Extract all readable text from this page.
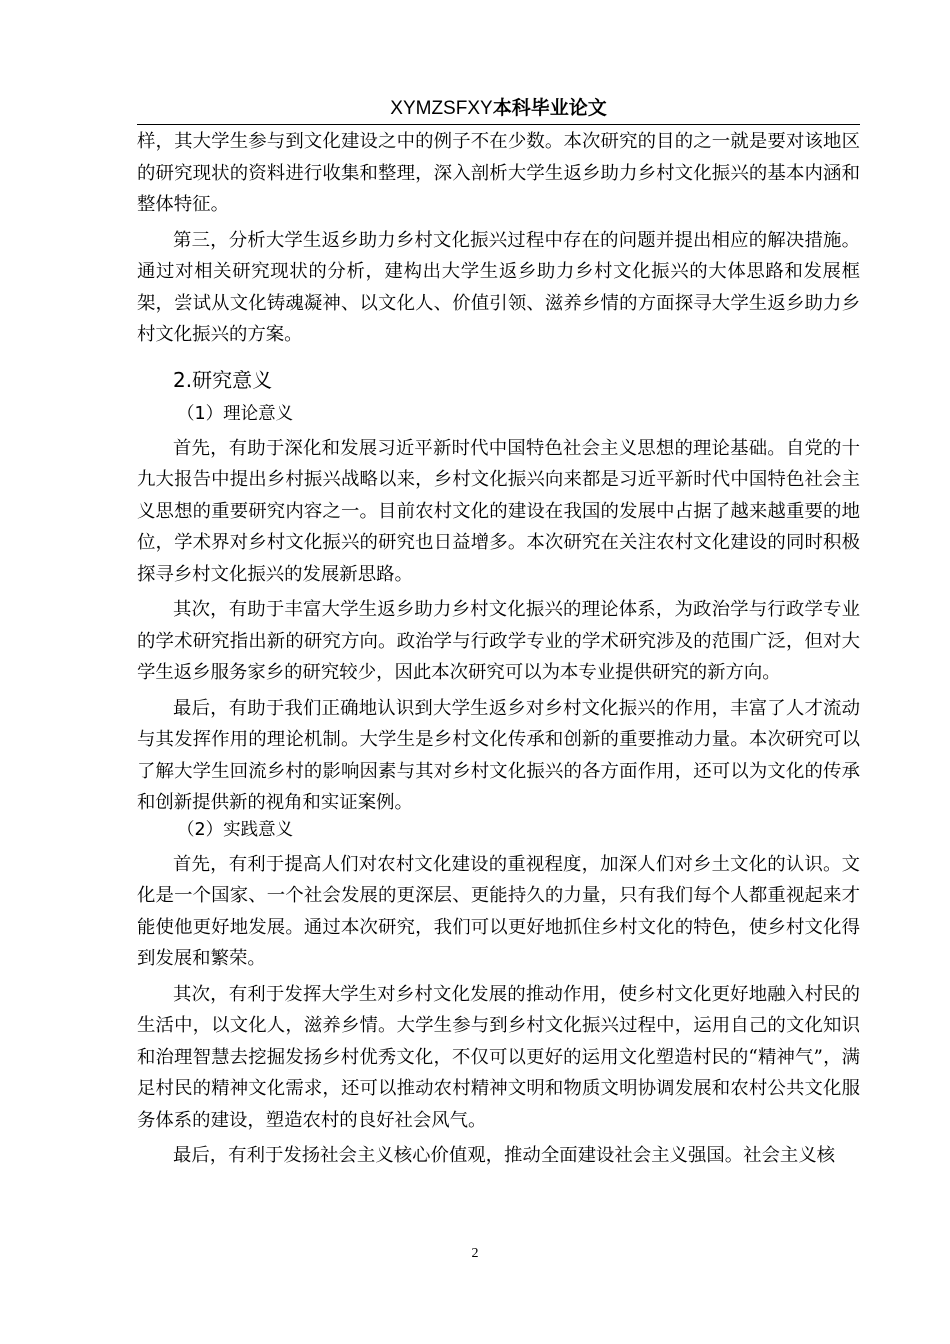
XYMZSFXY本科毕业论文

样，其大学生参与到文化建设之中的例子不在少数。本次研究的目的之一就是要对该地区的研究现状的资料进行收集和整理，深入剖析大学生返乡助力乡村文化振兴的基本内涵和整体特征。

第三，分析大学生返乡助力乡村文化振兴过程中存在的问题并提出相应的解决措施。通过对相关研究现状的分析，建构出大学生返乡助力乡村文化振兴的大体思路和发展框架，尝试从文化铸魂凝神、以文化人、价值引领、滋养乡情的方面探寻大学生返乡助力乡村文化振兴的方案。

2.研究意义
（1）理论意义

首先，有助于深化和发展习近平新时代中国特色社会主义思想的理论基础。自党的十九大报告中提出乡村振兴战略以来，乡村文化振兴向来都是习近平新时代中国特色社会主义思想的重要研究内容之一。目前农村文化的建设在我国的发展中占据了越来越重要的地位，学术界对乡村文化振兴的研究也日益增多。本次研究在关注农村文化建设的同时积极探寻乡村文化振兴的发展新思路。

其次，有助于丰富大学生返乡助力乡村文化振兴的理论体系，为政治学与行政学专业的学术研究指出新的研究方向。政治学与行政学专业的学术研究涉及的范围广泛，但对大学生返乡服务家乡的研究较少，因此本次研究可以为本专业提供研究的新方向。

最后，有助于我们正确地认识到大学生返乡对乡村文化振兴的作用，丰富了人才流动与其发挥作用的理论机制。大学生是乡村文化传承和创新的重要推动力量。本次研究可以了解大学生回流乡村的影响因素与其对乡村文化振兴的各方面作用，还可以为文化的传承和创新提供新的视角和实证案例。

（2）实践意义

首先，有利于提高人们对农村文化建设的重视程度，加深人们对乡土文化的认识。文化是一个国家、一个社会发展的更深层、更能持久的力量，只有我们每个人都重视起来才能使他更好地发展。通过本次研究，我们可以更好地抓住乡村文化的特色，使乡村文化得到发展和繁荣。

其次，有利于发挥大学生对乡村文化发展的推动作用，使乡村文化更好地融入村民的生活中，以文化人，滋养乡情。大学生参与到乡村文化振兴过程中，运用自己的文化知识和治理智慧去挖掘发扬乡村优秀文化，不仅可以更好的运用文化塑造村民的“精神气”，满足村民的精神文化需求，还可以推动农村精神文明和物质文明协调发展和农村公共文化服务体系的建设，塑造农村的良好社会风气。

最后，有利于发扬社会主义核心价值观，推动全面建设社会主义强国。社会主义核

2
